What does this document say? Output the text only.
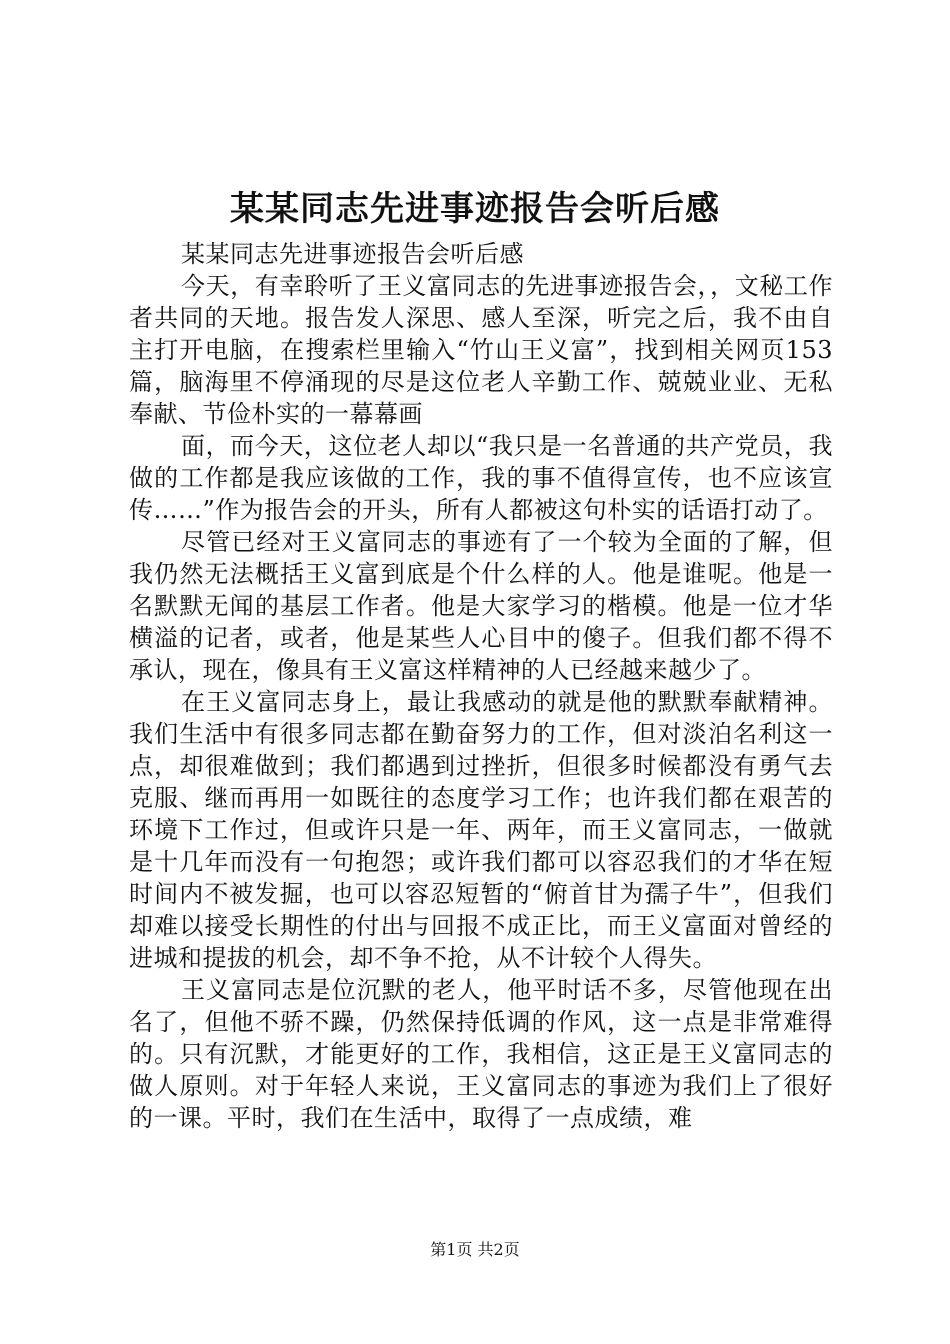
某某同志先进事迹报告会听后感

某某同志先进事迹报告会听后感

今天，有幸聆听了王义富同志的先进事迹报告会，，文秘工作者共同的天地。报告发人深思、感人至深，听完之后，我不由自主打开电脑，在搜索栏里输入“竹山王义富”，找到相关网页153篇，脑海里不停涌现的尽是这位老人辛勤工作、兢兢业业、无私奉献、节俭朴实的一幕幕画

面，而今天，这位老人却以“我只是一名普通的共产党员，我做的工作都是我应该做的工作，我的事不值得宣传，也不应该宣传……”作为报告会的开头，所有人都被这句朴实的话语打动了。

尽管已经对王义富同志的事迹有了一个较为全面的了解，但我仍然无法概括王义富到底是个什么样的人。他是谁呢。他是一名默默无闻的基层工作者。他是大家学习的楷模。他是一位才华横溢的记者，或者，他是某些人心目中的傻子。但我们都不得不承认，现在，像具有王义富这样精神的人已经越来越少了。

在王义富同志身上，最让我感动的就是他的默默奉献精神。我们生活中有很多同志都在勤奋努力的工作，但对淡泊名利这一点，却很难做到；我们都遇到过挫折，但很多时候都没有勇气去克服、继而再用一如既往的态度学习工作；也许我们都在艰苦的环境下工作过，但或许只是一年、两年，而王义富同志，一做就是十几年而没有一句抱怨；或许我们都可以容忍我们的才华在短时间内不被发掘，也可以容忍短暂的“俯首甘为孺子牛”，但我们却难以接受长期性的付出与回报不成正比，而王义富面对曾经的进城和提拔的机会，却不争不抢，从不计较个人得失。

王义富同志是位沉默的老人，他平时话不多，尽管他现在出名了，但他不骄不躁，仍然保持低调的作风，这一点是非常难得的。只有沉默，才能更好的工作，我相信，这正是王义富同志的做人原则。对于年轻人来说，王义富同志的事迹为我们上了很好的一课。平时，我们在生活中，取得了一点成绩，难

第1页 共2页
